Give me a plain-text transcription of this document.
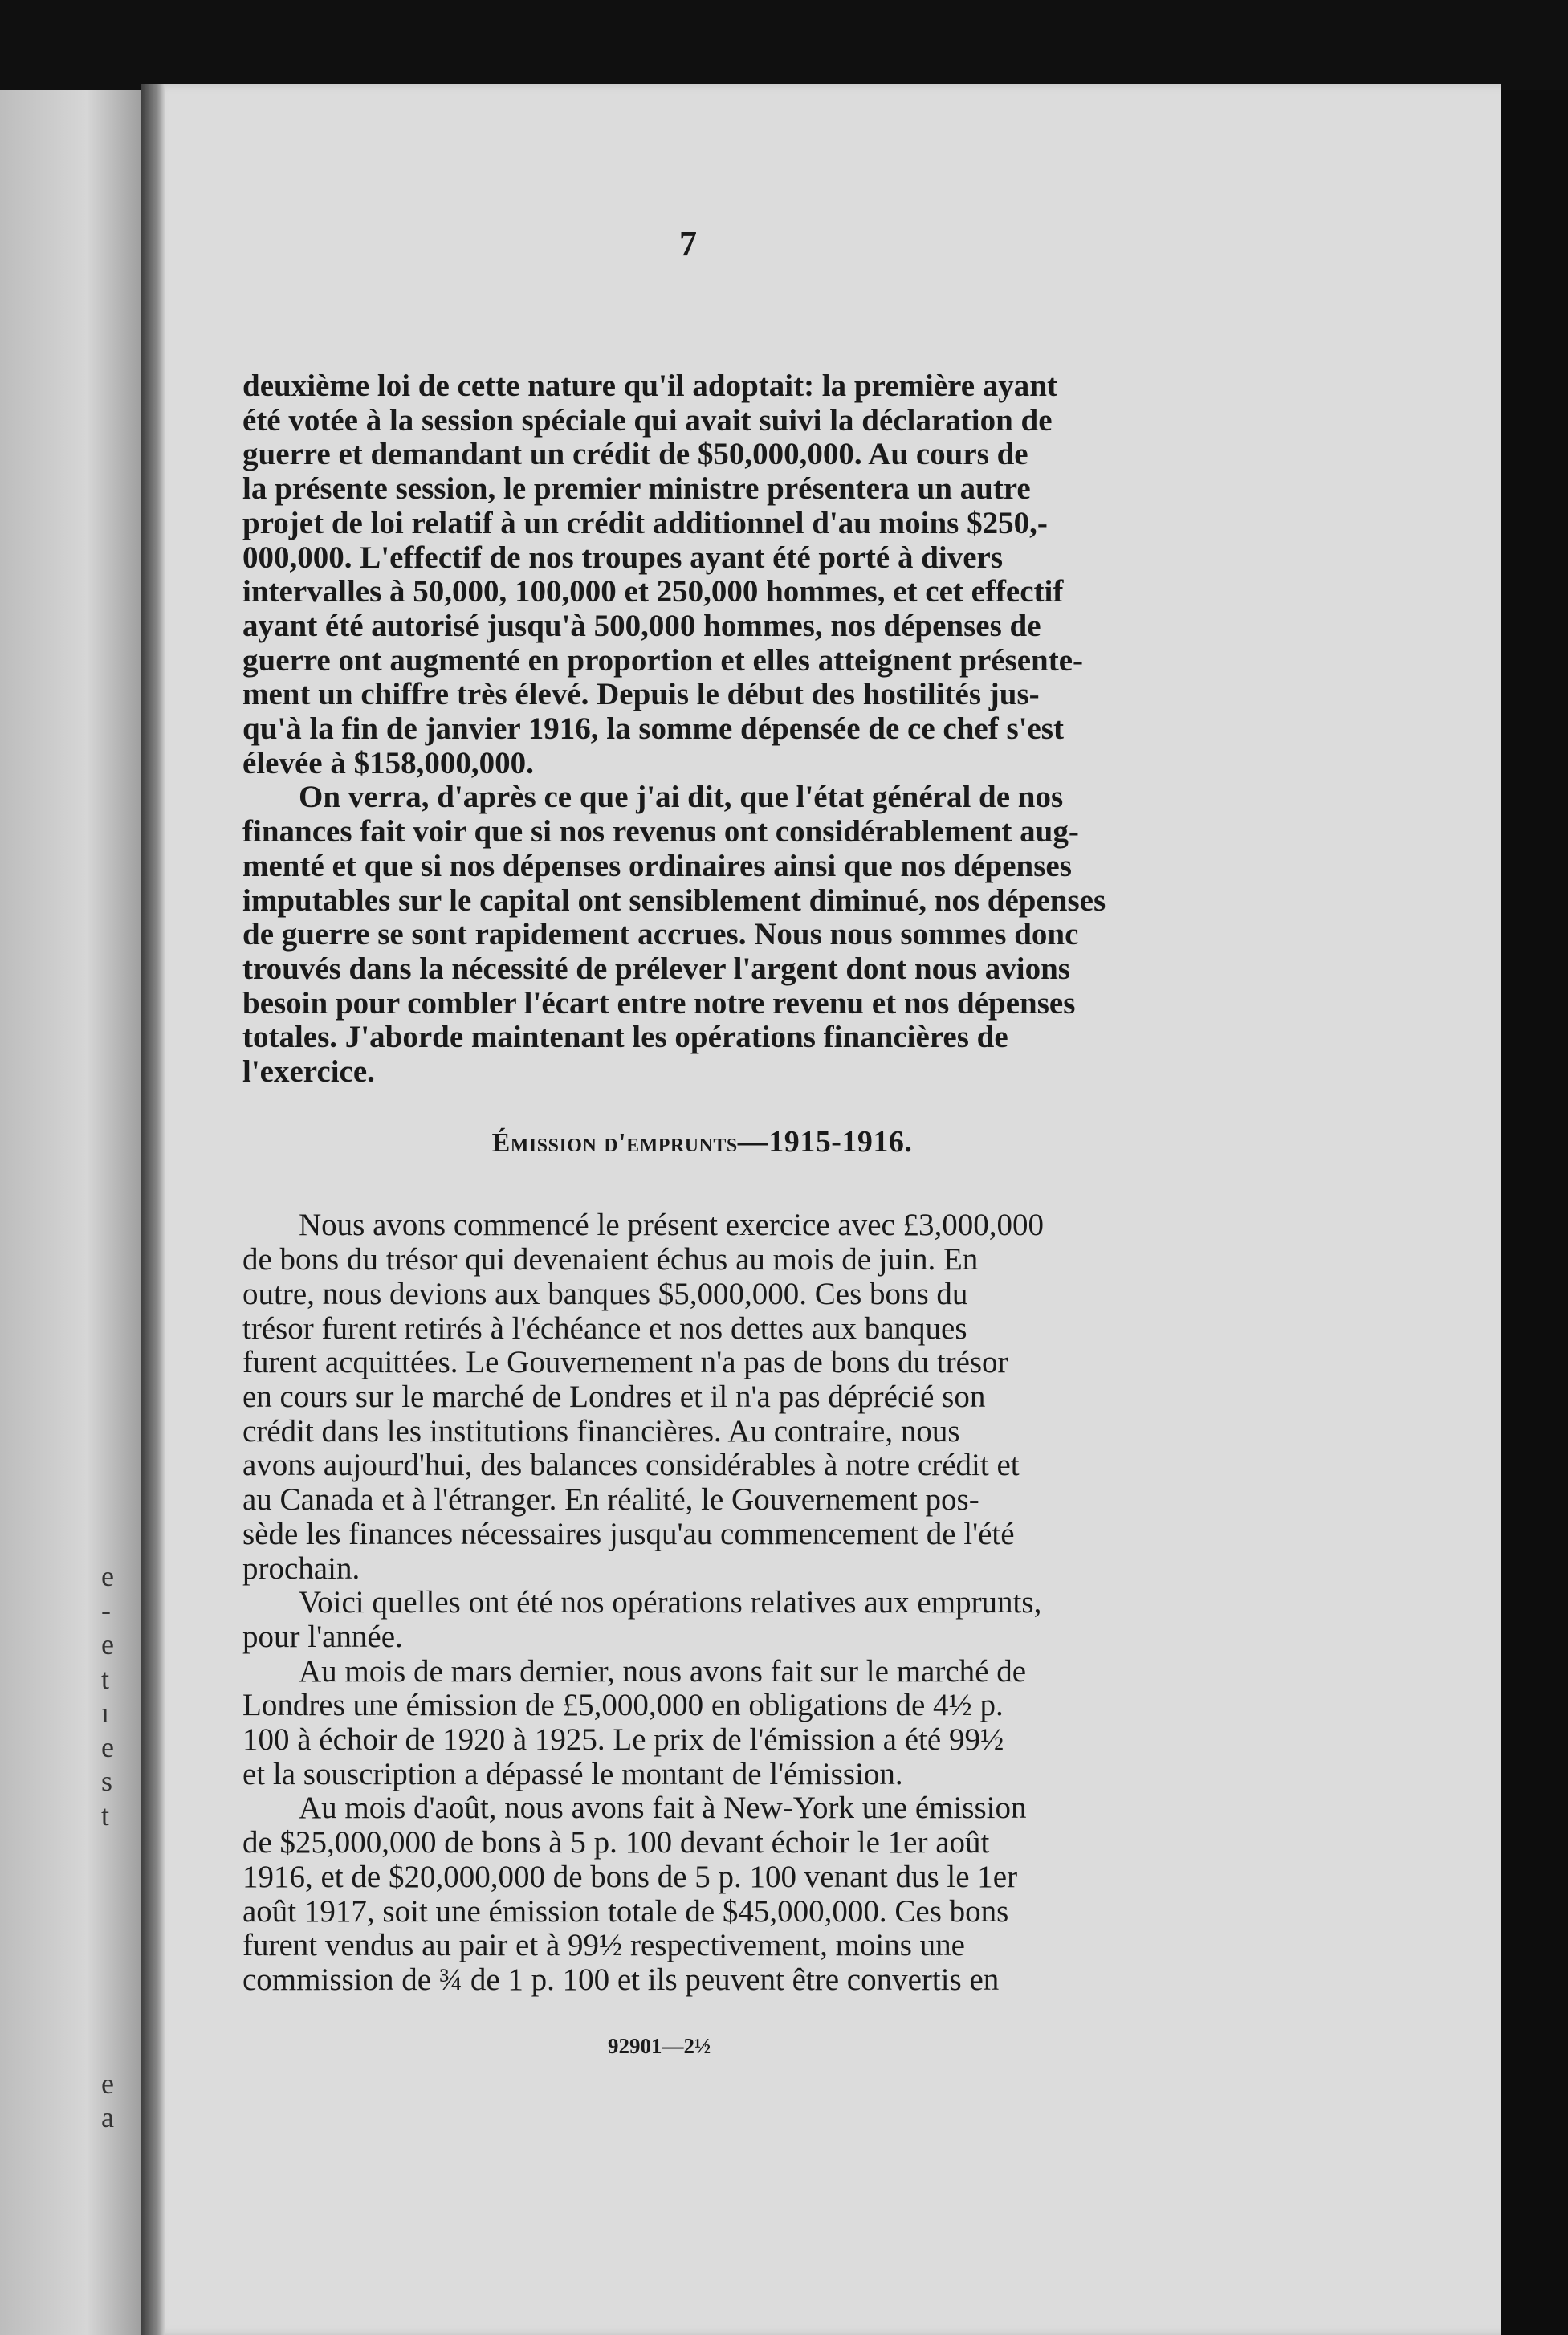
e
-
e
t
ı
e
s
t
e
a
7

deuxième loi de cette nature qu'il adoptait: la première ayant
été votée à la session spéciale qui avait suivi la déclaration de
guerre et demandant un crédit de $50,000,000. Au cours de
la présente session, le premier ministre présentera un autre
projet de loi relatif à un crédit additionnel d'au moins $250,-
000,000. L'effectif de nos troupes ayant été porté à divers
intervalles à 50,000, 100,000 et 250,000 hommes, et cet effectif
ayant été autorisé jusqu'à 500,000 hommes, nos dépenses de
guerre ont augmenté en proportion et elles atteignent présente-
ment un chiffre très élevé. Depuis le début des hostilités jus-
qu'à la fin de janvier 1916, la somme dépensée de ce chef s'est
élevée à $158,000,000.

On verra, d'après ce que j'ai dit, que l'état général de nos
finances fait voir que si nos revenus ont considérablement aug-
menté et que si nos dépenses ordinaires ainsi que nos dépenses
imputables sur le capital ont sensiblement diminué, nos dépenses
de guerre se sont rapidement accrues. Nous nous sommes donc
trouvés dans la nécessité de prélever l'argent dont nous avions
besoin pour combler l'écart entre notre revenu et nos dépenses
totales. J'aborde maintenant les opérations financières de
l'exercice.

Émission d'emprunts—1915-1916.

Nous avons commencé le présent exercice avec £3,000,000
de bons du trésor qui devenaient échus au mois de juin. En
outre, nous devions aux banques $5,000,000. Ces bons du
trésor furent retirés à l'échéance et nos dettes aux banques
furent acquittées. Le Gouvernement n'a pas de bons du trésor
en cours sur le marché de Londres et il n'a pas déprécié son
crédit dans les institutions financières. Au contraire, nous
avons aujourd'hui, des balances considérables à notre crédit et
au Canada et à l'étranger. En réalité, le Gouvernement pos-
sède les finances nécessaires jusqu'au commencement de l'été
prochain.

Voici quelles ont été nos opérations relatives aux emprunts,
pour l'année.

Au mois de mars dernier, nous avons fait sur le marché de
Londres une émission de £5,000,000 en obligations de 4½ p.
100 à échoir de 1920 à 1925. Le prix de l'émission a été 99½
et la souscription a dépassé le montant de l'émission.

Au mois d'août, nous avons fait à New-York une émission
de $25,000,000 de bons à 5 p. 100 devant échoir le 1er août
1916, et de $20,000,000 de bons de 5 p. 100 venant dus le 1er
août 1917, soit une émission totale de $45,000,000. Ces bons
furent vendus au pair et à 99½ respectivement, moins une
commission de ¾ de 1 p. 100 et ils peuvent être convertis en

92901—2½
